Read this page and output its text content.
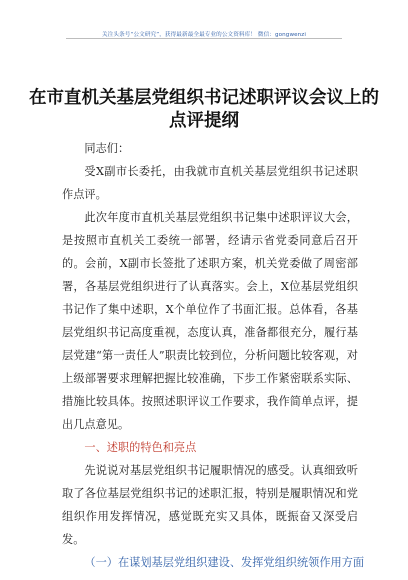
关注头条号“公文研究”，获得最新最全最专业的公文资料库！ 微信：gongwenzi
在市直机关基层党组织书记述职评议会议上的
点评提纲

同志们：

受X副市长委托，由我就市直机关基层党组织书记述职作点评。

此次年度市直机关基层党组织书记集中述职评议大会，是按照市直机关工委统一部署，经请示省党委同意后召开的。会前，X副市长签批了述职方案，机关党委做了周密部署，各基层党组织进行了认真落实。会上，X位基层党组织书记作了集中述职，X个单位作了书面汇报。总体看，各基层党组织书记高度重视，态度认真，准备都很充分，履行基层党建“第一责任人”职责比较到位，分析问题比较客观，对上级部署要求理解把握比较准确，下步工作紧密联系实际、措施比较具体。按照述职评议工作要求，我作简单点评，提出几点意见。

一、述职的特色和亮点

先说说对基层党组织书记履职情况的感受。认真细致听取了各位基层党组织书记的述职汇报，特别是履职情况和党组织作用发挥情况，感觉既充实又具体，既振奋又深受启发。

（一）在谋划基层党组织建设、发挥党组织统领作用方面
